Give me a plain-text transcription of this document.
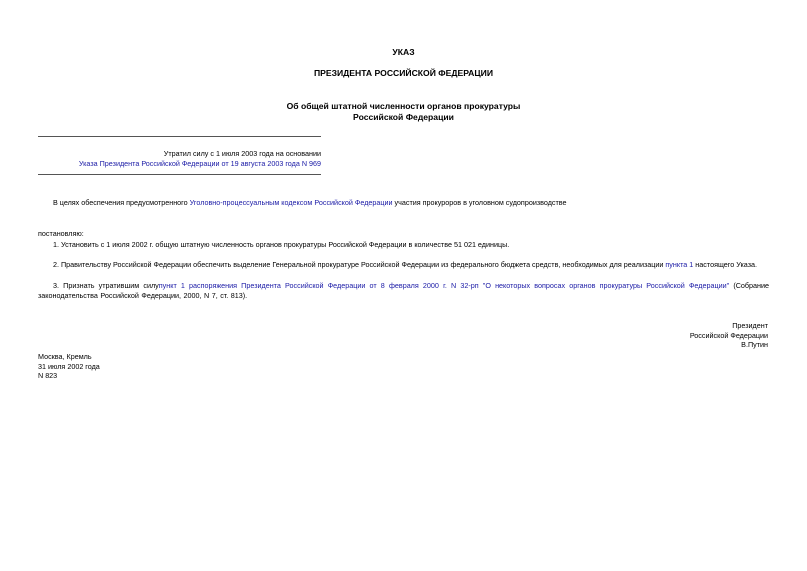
УКАЗ
ПРЕЗИДЕНТА РОССИЙСКОЙ ФЕДЕРАЦИИ
Об общей штатной численности органов прокуратуры
Российской Федерации
Утратил силу с 1 июля 2003 года на основании
Указа Президента Российской Федерации от 19 августа 2003 года N 969
В целях обеспечения предусмотренного Уголовно-процессуальным кодексом Российской Федерации участия прокуроров в уголовном судопроизводстве
постановляю:
1. Установить с 1 июля 2002 г. общую штатную численность органов прокуратуры Российской Федерации в количестве 51 021 единицы.
2. Правительству Российской Федерации обеспечить выделение Генеральной прокуратуре Российской Федерации из федерального бюджета средств, необходимых для реализации пункта 1 настоящего Указа.
3. Признать утратившим силупункт 1 распоряжения Президента Российской Федерации от 8 февраля 2000 г. N 32-рп "О некоторых вопросах органов прокуратуры Российской Федерации" (Собрание законодательства Российской Федерации, 2000, N 7, ст. 813).
Президент
Российской Федерации
В.Путин
Москва, Кремль
31 июля 2002 года
N 823
